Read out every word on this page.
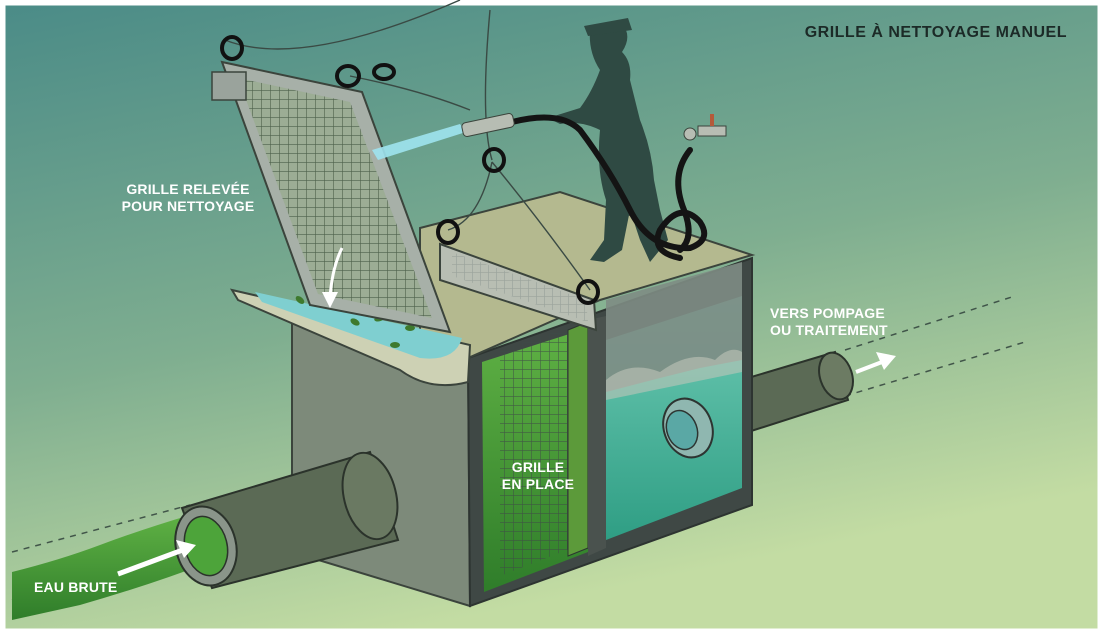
GRILLE À NETTOYAGE MANUEL
GRILLE RELEVÉE
POUR NETTOYAGE
GRILLE
EN PLACE
VERS POMPAGE
OU TRAITEMENT
EAU BRUTE
